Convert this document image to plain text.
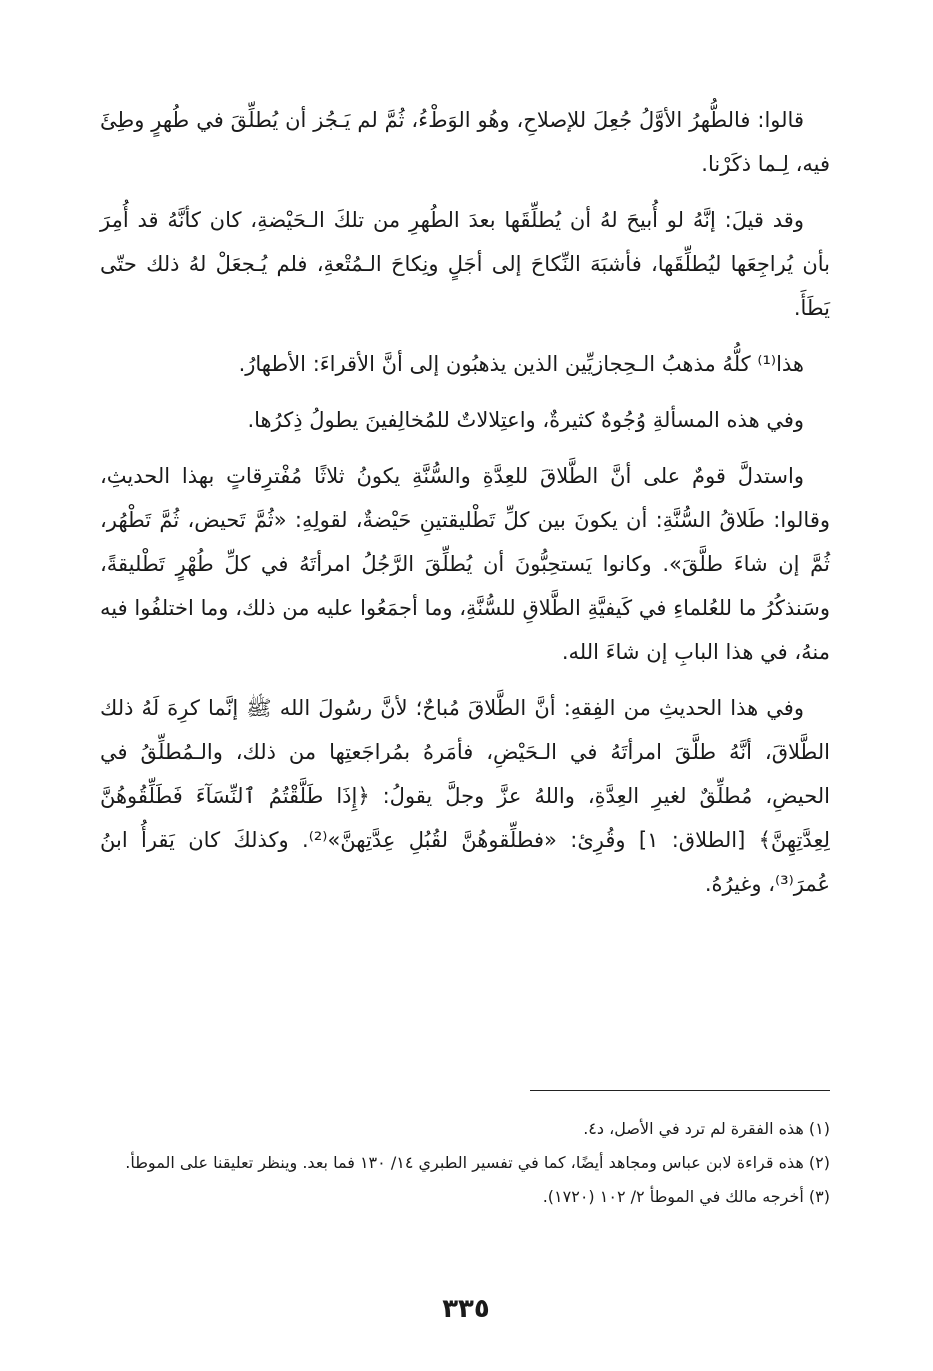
قالوا: فالطُّهرُ الأوَّلُ جُعِلَ للإصلاحِ، وهُو الوَطْءُ، ثُمَّ لم يَـجُز أن يُطلِّقَ في طُهرٍ وطِئَ فيه، لِـما ذكَرْنا.

وقد قيلَ: إنَّهُ لو أُبيحَ لهُ أن يُطلِّقَها بعدَ الطُهرِ من تلكَ الـحَيْضةِ، كان كأنَّهُ قد أُمِرَ بأن يُراجِعَها ليُطلِّقَها، فأشبَهَ النِّكاحَ إلى أجَلٍ ونِكاحَ الـمُتْعةِ، فلم يُـجعَلْ لهُ ذلك حتّى يَطَأَ.

هذا⁽¹⁾ كلُّهُ مذهبُ الـحِجازيِّين الذين يذهبُون إلى أنَّ الأقراءَ: الأطهارُ.

وفي هذه المسألةِ وُجُوهٌ كثيرةٌ، واعتِلالاتٌ للمُخالِفينَ يطولُ ذِكرُها.

واستدلَّ قومٌ على أنَّ الطَّلاقَ للعِدَّةِ والسُّنَّةِ يكونُ ثلاثًا مُفْترِقاتٍ بهذا الحديثِ، وقالوا: طَلاقُ السُّنَّةِ: أن يكونَ بين كلِّ تَطْليقتينِ حَيْضةٌ، لقولِهِ: «ثُمَّ تَحيض، ثُمَّ تَطْهُر، ثُمَّ إن شاءَ طلَّقَ». وكانوا يَستحِبُّونَ أن يُطلِّقَ الرَّجُلُ امرأتَهُ في كلِّ طُهْرٍ تَطْليقةً، وسَنذكُرُ ما للعُلماءِ في كَيفيَّةِ الطَّلاقِ للسُّنَّةِ، وما أجمَعُوا عليه من ذلك، وما اختلفُوا فيه منهُ، في هذا البابِ إن شاءَ الله.

وفي هذا الحديثِ من الفِقهِ: أنَّ الطَّلاقَ مُباحٌ؛ لأنَّ رسُولَ الله ﷺ إنَّما كرِهَ لَهُ ذلك الطَّلاقَ، أنَّهُ طلَّقَ امرأتَهُ في الـحَيْضِ، فأمَرهُ بمُراجَعتِها من ذلك، والـمُطلِّقُ في الحيضِ، مُطلِّقٌ لغيرِ العِدَّةِ، واللهُ عزَّ وجلَّ يقولُ: ﴿إِذَا طَلَّقْتُمُ ٱلنِّسَآءَ فَطَلِّقُوهُنَّ لِعِدَّتِهِنَّ﴾ [الطلاق: ١] وقُرِئ: «فطلِّقوهُنَّ لقُبُلِ عِدَّتِهنَّ»⁽²⁾. وكذلكَ كان يَقرأُ ابنُ عُمرَ⁽³⁾، وغيرُهُ.

(١) هذه الفقرة لم ترد في الأصل، د٤.

(٢) هذه قراءة لابن عباس ومجاهد أيضًا، كما في تفسير الطبري ١٤/ ١٣٠ فما بعد. وينظر تعليقنا على الموطأ.

(٣) أخرجه مالك في الموطأ ٢/ ١٠٢ (١٧٢٠).

٣٣٥
